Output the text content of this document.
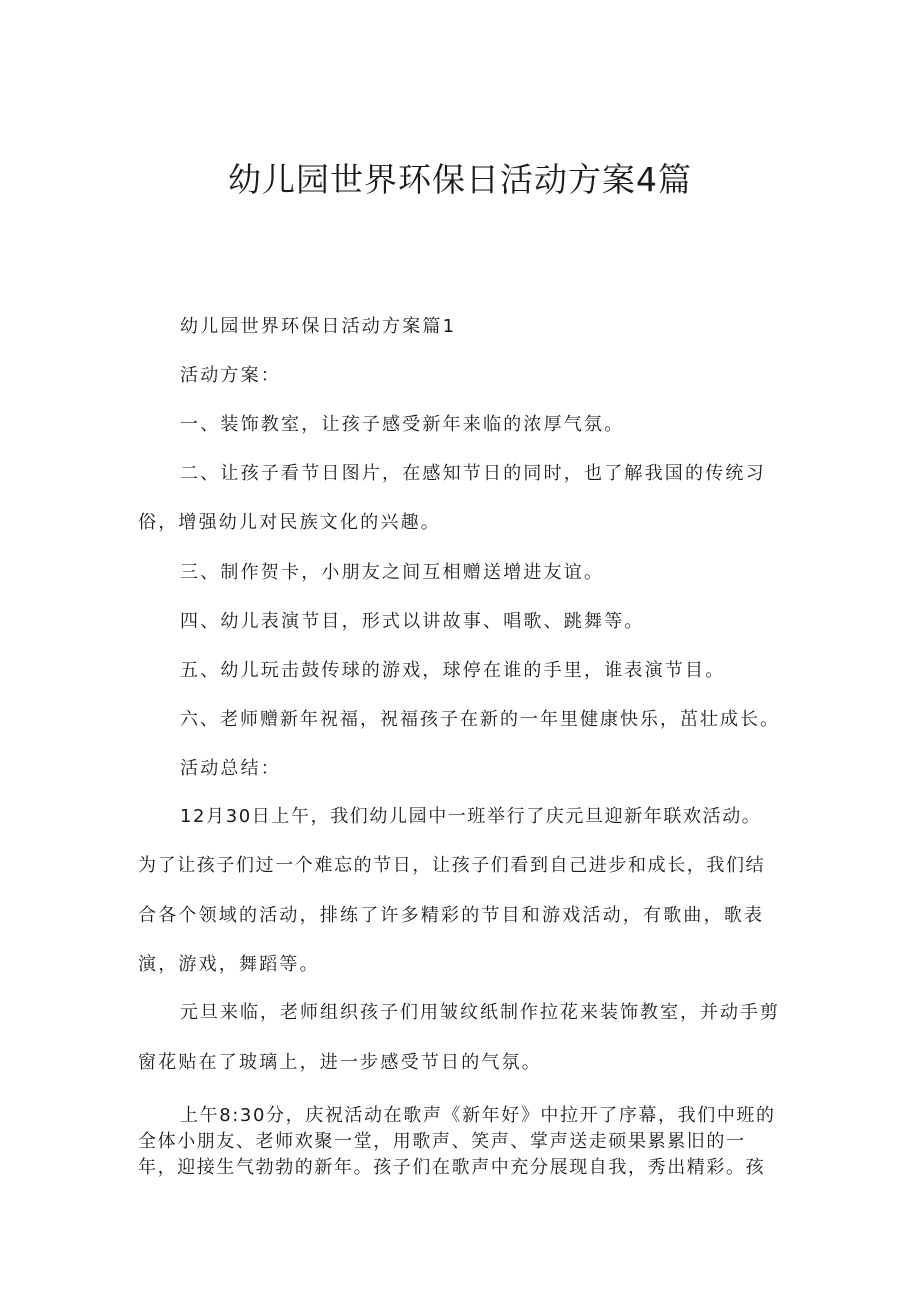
幼儿园世界环保日活动方案4篇

幼儿园世界环保日活动方案篇1

活动方案：

一、装饰教室，让孩子感受新年来临的浓厚气氛。

二、让孩子看节日图片，在感知节日的同时，也了解我国的传统习

俗，增强幼儿对民族文化的兴趣。

三、制作贺卡，小朋友之间互相赠送增进友谊。

四、幼儿表演节目，形式以讲故事、唱歌、跳舞等。

五、幼儿玩击鼓传球的游戏，球停在谁的手里，谁表演节目。

六、老师赠新年祝福，祝福孩子在新的一年里健康快乐，茁壮成长。

活动总结：

12月30日上午，我们幼儿园中一班举行了庆元旦迎新年联欢活动。

为了让孩子们过一个难忘的节日，让孩子们看到自己进步和成长，我们结

合各个领域的活动，排练了许多精彩的节目和游戏活动，有歌曲，歌表

演，游戏，舞蹈等。

元旦来临，老师组织孩子们用皱纹纸制作拉花来装饰教室，并动手剪

窗花贴在了玻璃上，进一步感受节日的气氛。

上午8:30分，庆祝活动在歌声《新年好》中拉开了序幕，我们中班的

全体小朋友、老师欢聚一堂，用歌声、笑声、掌声送走硕果累累旧的一

年，迎接生气勃勃的新年。孩子们在歌声中充分展现自我，秀出精彩。孩
